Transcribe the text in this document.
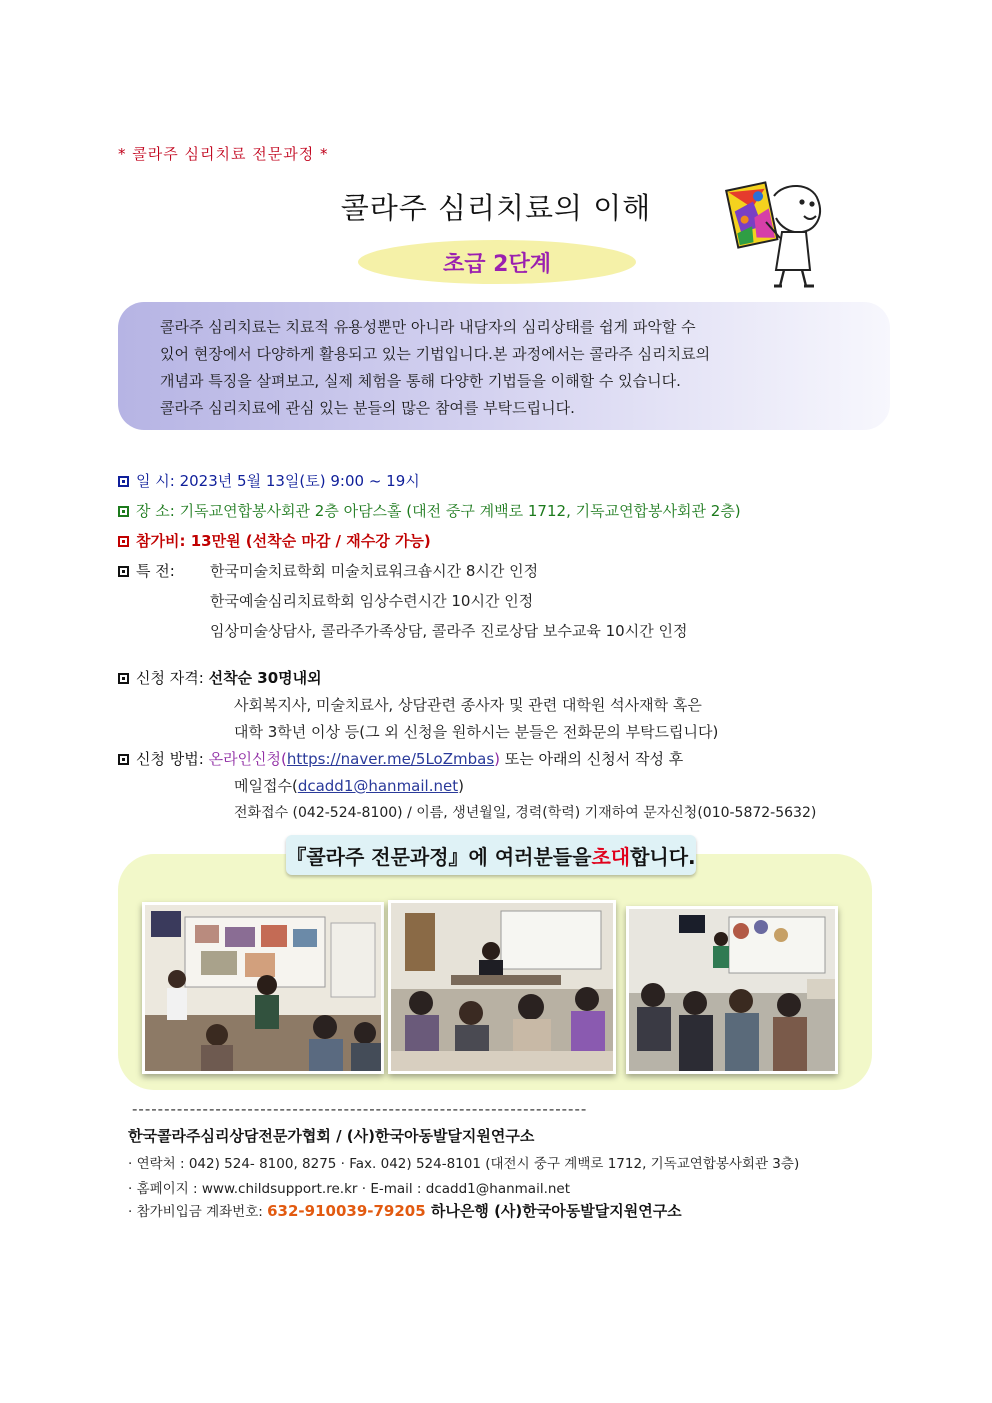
* 콜라주 심리치료 전문과정 *
콜라주 심리치료의 이해
초급 2단계
콜라주 심리치료는 치료적 유용성뿐만 아니라 내담자의 심리상태를 쉽게 파악할 수
있어 현장에서 다양하게 활용되고 있는 기법입니다.본 과정에서는 콜라주 심리치료의
개념과 특징을 살펴보고, 실제 체험을 통해 다양한 기법들을 이해할 수 있습니다.
콜라주 심리치료에 관심 있는 분들의 많은 참여를 부탁드립니다.
일 시: 2023년 5월 13일(토) 9:00 ~ 19시
장 소: 기독교연합봉사회관 2층 아담스홀 (대전 중구 계백로 1712, 기독교연합봉사회관 2층)
참가비: 13만원 (선착순 마감 / 재수강 가능)
특 전: 한국미술치료학회 미술치료워크숍시간 8시간 인정
한국예술심리치료학회 임상수련시간 10시간 인정
임상미술상담사, 콜라주가족상담, 콜라주 진로상담 보수교육 10시간 인정
신청 자격: 선착순 30명내외
사회복지사, 미술치료사, 상담관련 종사자 및 관련 대학원 석사재학 혹은
대학 3학년 이상 등(그 외 신청을 원하시는 분들은 전화문의 부탁드립니다)
신청 방법: 온라인신청(https://naver.me/5LoZmbas) 또는 아래의 신청서 작성 후
메일접수(dcadd1@hanmail.net)
전화접수 (042-524-8100) / 이름, 생년월일, 경력(학력) 기재하여 문자신청(010-5872-5632)
『콜라주 전문과정』에 여러분들을 초대 합니다.
-----------------------------------------------------------------------
한국콜라주심리상담전문가협회 / (사)한국아동발달지원연구소
· 연락처 : 042) 524- 8100, 8275 · Fax. 042) 524-8101 (대전시 중구 계백로 1712, 기독교연합봉사회관 3층)
· 홈페이지 : www.childsupport.re.kr · E-mail : dcadd1@hanmail.net
· 참가비입금 계좌번호: 632-910039-79205 하나은행 (사)한국아동발달지원연구소
